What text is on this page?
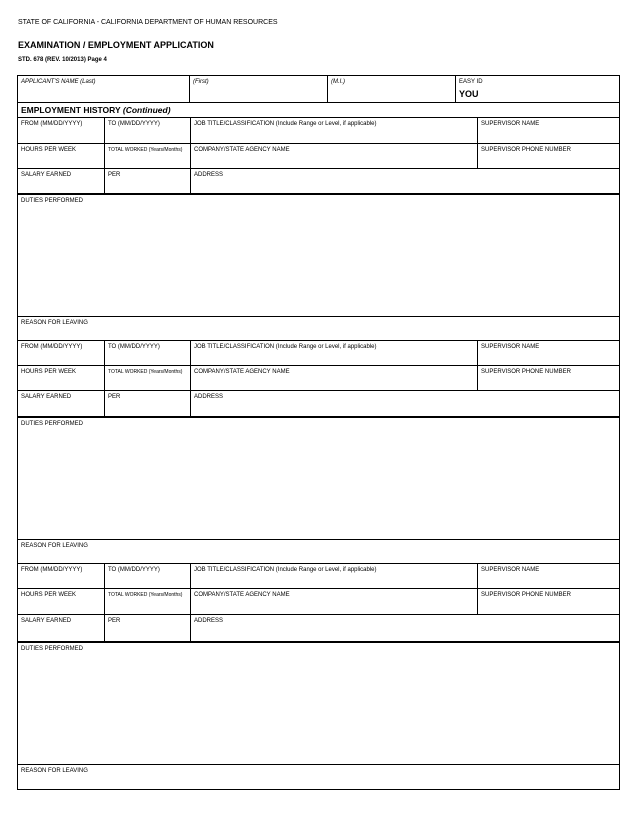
STATE OF CALIFORNIA - CALIFORNIA DEPARTMENT OF HUMAN RESOURCES
EXAMINATION / EMPLOYMENT APPLICATION
STD. 678 (REV. 10/2013) Page 4
APPLICANT'S NAME (Last)	(First)	(M.I.)	EASY ID
YOU
EMPLOYMENT HISTORY (Continued)
FROM (MM/DD/YYYY)	TO (MM/DD/YYYY)	JOB TITLE/CLASSIFICATION (Include Range or Level, if applicable)	SUPERVISOR NAME
HOURS PER WEEK	TOTAL WORKED (Years/Months)	COMPANY/STATE AGENCY NAME	SUPERVISOR PHONE NUMBER
SALARY EARNED	PER	ADDRESS
DUTIES PERFORMED
REASON FOR LEAVING
FROM (MM/DD/YYYY)	TO (MM/DD/YYYY)	JOB TITLE/CLASSIFICATION (Include Range or Level, if applicable)	SUPERVISOR NAME
HOURS PER WEEK	TOTAL WORKED (Years/Months)	COMPANY/STATE AGENCY NAME	SUPERVISOR PHONE NUMBER
SALARY EARNED	PER	ADDRESS
DUTIES PERFORMED
REASON FOR LEAVING
FROM (MM/DD/YYYY)	TO (MM/DD/YYYY)	JOB TITLE/CLASSIFICATION (Include Range or Level, if applicable)	SUPERVISOR NAME
HOURS PER WEEK	TOTAL WORKED (Years/Months)	COMPANY/STATE AGENCY NAME	SUPERVISOR PHONE NUMBER
SALARY EARNED	PER	ADDRESS
DUTIES PERFORMED
REASON FOR LEAVING
